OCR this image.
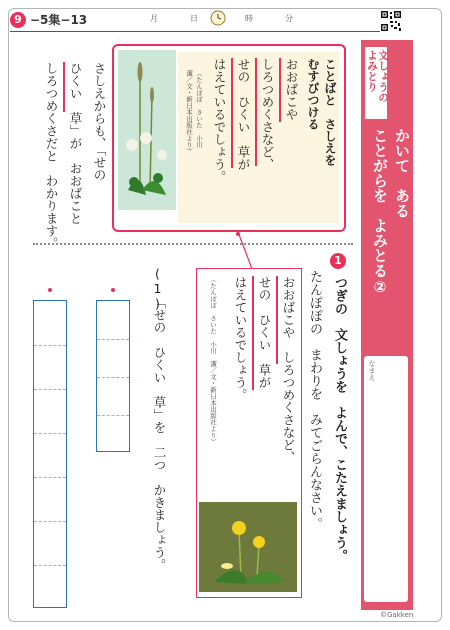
9 −5集−13	月	日	時	分
文しょうの
よみとり
かいて　ある
ことがらを　よみとる②
なまえ
©Gakken
ことばと　さしえを
むすびつける
おおばこや
しろつめくさなど、
せの　ひくい　草が
はえているでしょう。
（たんぽぽ　さいた　小川
潔／文・新日本出版社より）
さしえからも、「せの
ひくい　草」が　おおばこと
しろつめくさだと　わかります。
1
つぎの　文しょうを　よんで、こたえましょう。
たんぽぽの　まわりを　みてごらんなさい。
おおばこや　しろつめくさなど、
せの　ひくい　草が
はえているでしょう。
（たんぽぽ　さいた　小川　潔／文・新日本出版社より）
(1)
「せの　ひくい　草」を　二つ　かきましょう。
